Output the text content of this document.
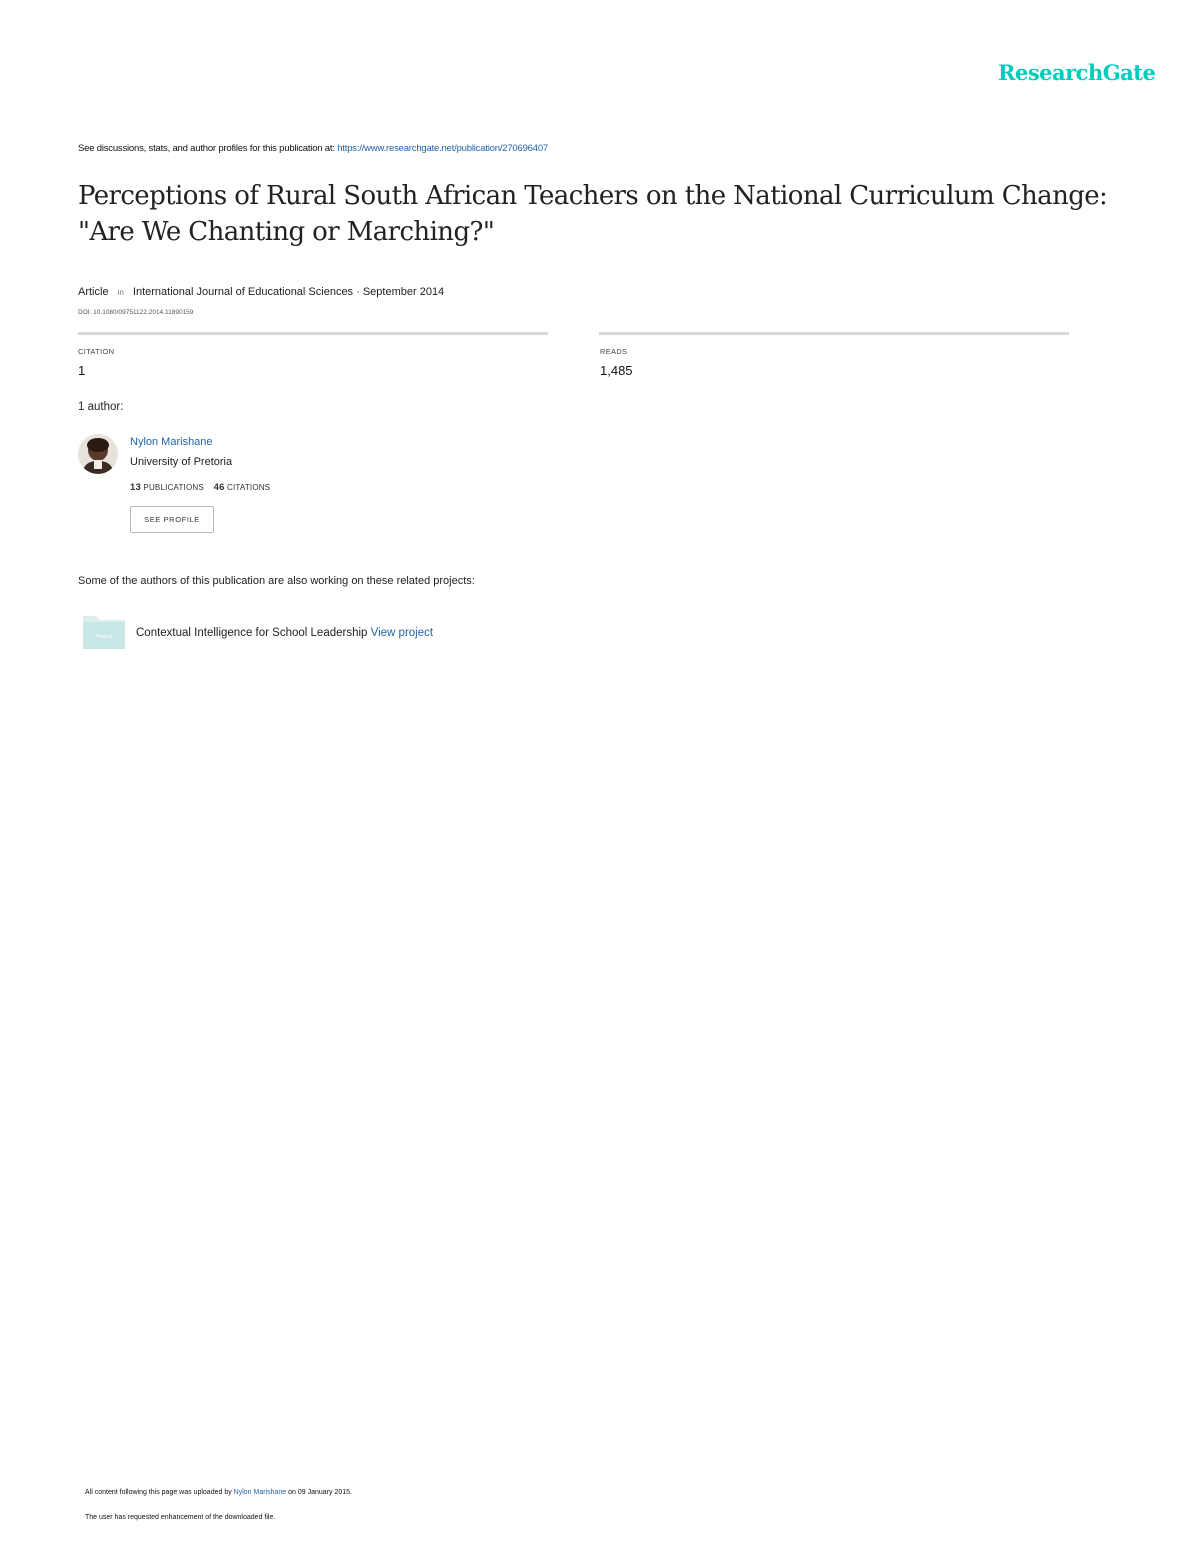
ResearchGate
See discussions, stats, and author profiles for this publication at: https://www.researchgate.net/publication/270696407
Perceptions of Rural South African Teachers on the National Curriculum Change:
"Are We Chanting or Marching?"
Article in International Journal of Educational Sciences · September 2014
DOI: 10.1080/09751122.2014.11890159
CITATION
1
READS
1,485
1 author:
Nylon Marishane
University of Pretoria
13 PUBLICATIONS 46 CITATIONS
SEE PROFILE
Some of the authors of this publication are also working on these related projects:
Project Contextual Intelligence for School Leadership View project
All content following this page was uploaded by Nylon Marishane on 09 January 2015.
The user has requested enhancement of the downloaded file.
